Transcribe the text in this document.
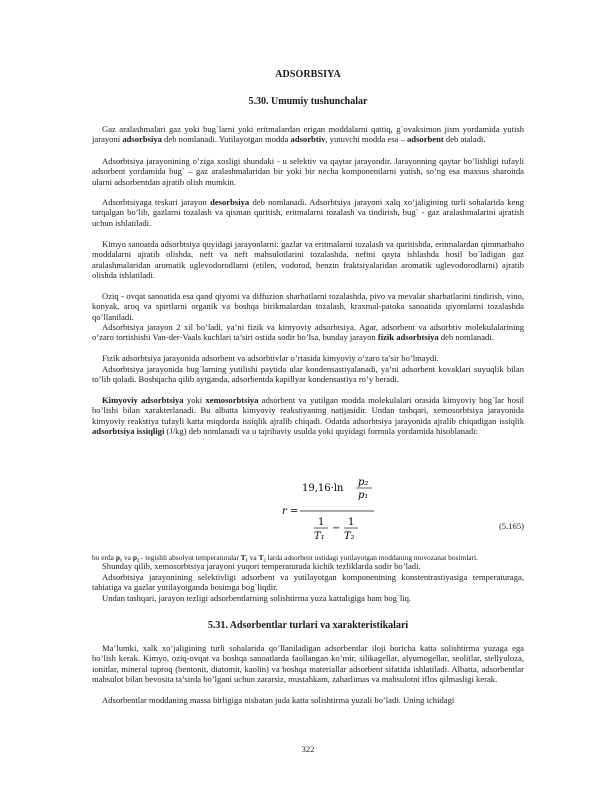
ADSORBSIYA
5.30. Umumiy tushunchalar

Gaz aralashmalari gaz yoki bug`larni yoki eritmalardan erigan moddalarni qattiq, g`ovaksimon jism yordamida yutish jarayoni adsorbsiya deb nomlanadi. Yutilayotgan modda adsorbtiv, yutuvchi modda esa – adsorbent deb ataladi.

Adsorbtsiya jarayonining o’ziga xosligi shundaki - u selektiv va qaytar jarayondir. Jarayonning qaytar bo’lishligi tufayli adsorbent yordamida bug` – gaz aralashmalaridan bir yoki bir necha komponentlarni yutish, so’ng esa maxsus sharoitda ularni adsorbentdan ajratib olish mumkin.

Adsorbtsiyaga teskari jarayon desorbsiya deb nomlanadi. Adsorbtsiya jarayoni xalq xo’jaligining turli sohalarida keng tarqalgan bo’lib, gazlarni tozalash va qisman quritish, eritmalarni tozalash va tindirish, bug` - gaz aralashmalarini ajratish uchun ishlatiladi.

Kimyo sanoatda adsorbtsiya quyidagi jarayonlarni: gazlar va eritmalarni tozalash va quritishda, eritmalardan qimmatbaho moddalarni ajratib olishda, neft va neft mahsulotlarini tozalashda, neftni qayta ishlashda hosil bo`ladigan gaz aralashmalaridan aromatik uglevodorodlarni (etilen, vodorod, benzin fraktsiyalaridan aromatik uglevodorodlarni) ajratib olishda ishlatiladi.

Oziq - ovqat sanoatida esa qand qiyomi va diffuzion sharbatlarni tozalashda, pivo va mevalar sharbatlarini tindirish, vino, konyak, aroq va spirtlarni organik va boshqa birikmalardan tozalash, kraxmal-patoka sanoatida qiyomlarni tozalashda qo’llaniladi.

Adsorbtsiya jarayon 2 xil bo’ladi, ya’ni fizik va kimyoviy adsorbtsiya. Agar, adsorbent va adsorbtiv molekulalarining o’zaro tortishishi Van-der-Vaals kuchlari ta’siri ostida sodir bo’lsa, bunday jarayon fizik adsorbtsiya deb nomlanadi.

Fizik adsorbtsiya jarayonida adsorbent va adsorbtivlar o’rtasida kimyoviy o’zaro ta’sir bo’lmaydi.

Adsorbtsiya jarayonida bug`larning yutilishi paytida ular kondensastiyalanadi, ya’ni adsorbent kovaklari suyuqlik bilan to’lib qoladi. Boshqacha qilib aytganda, adsorbentda kapillyar kondensastiya ro’y beradi.

Kimyoviy adsorbtsiya yoki xemosorbtsiya adsorbent va yutilgan modda molekulalari orasida kimyoviy bog`lar hosil bo’lishi bilan xarakterlanadi. Bu albatta kimyoviy reakstiyaning natijasidir. Undan tashqari, xemosorbtsiya jarayonida kimyoviy reakstiya tufayli katta miqdorda issiqlik ajralib chiqadi. Odatda adsorbtsiya jarayonida ajralib chiqadigan issiqlik adsorbtsiya issiqligi (J/kg) deb nomlanadi va u tajribaviy usulda yoki quyidagi formula yordamida hisoblanadi:

r =
19,16·ln
p₂
p₁
1
T₁
−
1
T₂
(5.165)

bu erda p₁ va p₂ - tegishli absolyut temperaturalar T₁ va T₂ larda adsorbent ustidagi yutilayotgan moddaning muvozanat bosimlari.

Shunday qilib, xemosorbtsiya jarayoni yuqori temperaturada kichik tezliklarda sodir bo’ladi.

Adsorbtsiya jarayonining selektivligi adsorbent va yutilayotgan komponentning konstentrastiyasiga temperaturaga, tabiatiga va gazlar yutilayotganda bosimga bog`liqdir.

Undan tashqari, jarayon tezligi adsorbentlarning solishtirma yuza kattaligiga ham bog`liq.

5.31. Adsorbentlar turlari va xarakteristikalari

Ma’lumki, xalk xo’jaligining turli sohalarida qo’llaniladigan adsorbentlar iloji boricha katta solishtirma yuzaga ega bo’lish kerak. Kimyo, oziq-ovqat va boshqa sanoatlarda faollangan ko’mir, silikagellar, alyumogellar, seolitlar, stellyuloza, ionitlar, mineral tuproq (bentonit, diatomit, kaolin) va boshqa materiallar adsorbent sifatida ishlatiladi. Albatta, adsorbentlar mahsulot bilan bevosita ta’sirda bo’lgani uchun zararsiz, mustahkam, zaharlimas va mahsulotni iflos qilmasligi kerak.

Adsorbentlar moddaning massa birligiga nisbatan juda katta solishtirma yuzali bo’ladi. Uning ichidagi

322
